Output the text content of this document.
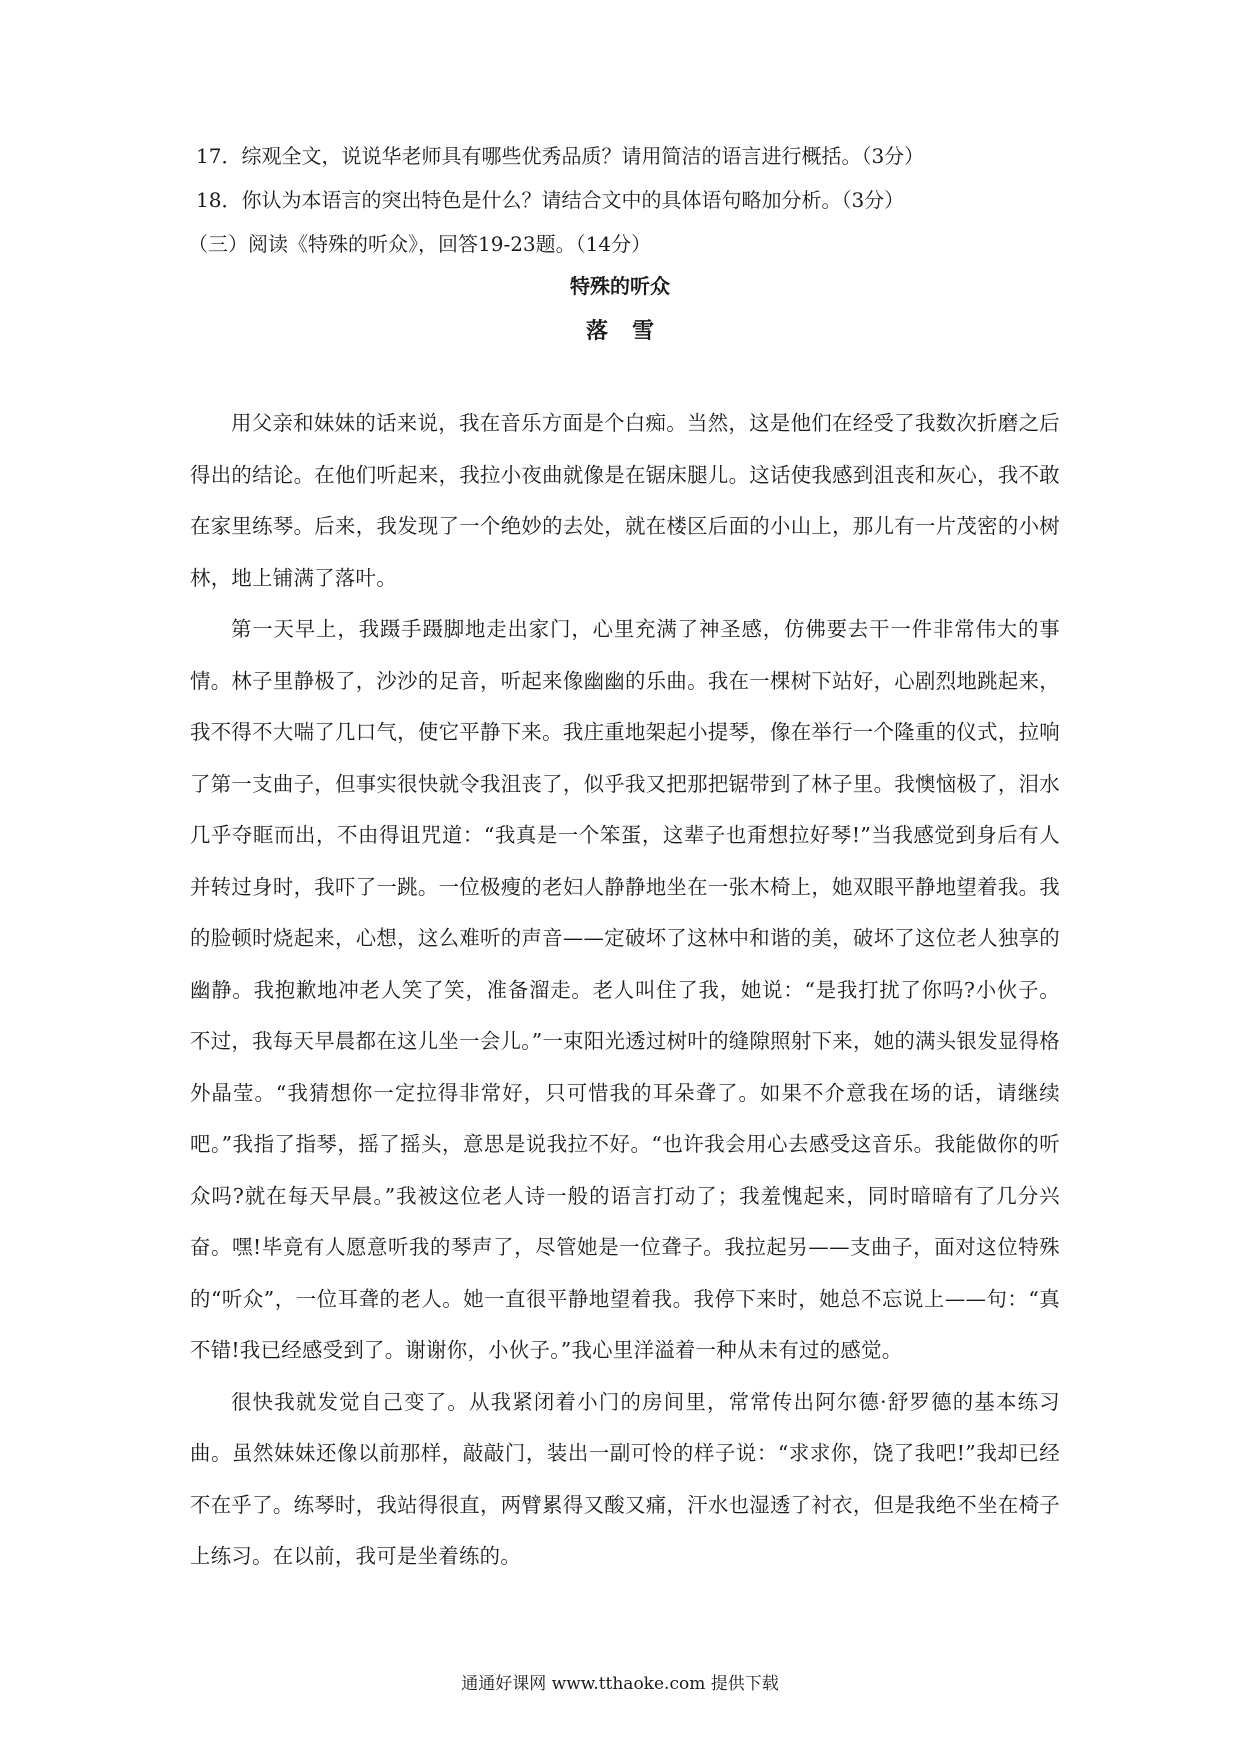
17．综观全文，说说华老师具有哪些优秀品质？请用简洁的语言进行概括。（3分）
18．你认为本语言的突出特色是什么？请结合文中的具体语句略加分析。（3分）
（三）阅读《特殊的听众》，回答19-23题。（14分）
特殊的听众
落雪

用父亲和妹妹的话来说，我在音乐方面是个白痴。当然，这是他们在经受了我数次折磨之后得出的结论。在他们听起来，我拉小夜曲就像是在锯床腿儿。这话使我感到沮丧和灰心，我不敢在家里练琴。后来，我发现了一个绝妙的去处，就在楼区后面的小山上，那儿有一片茂密的小树林，地上铺满了落叶。

第一天早上，我蹑手蹑脚地走出家门，心里充满了神圣感，仿佛要去干一件非常伟大的事情。林子里静极了，沙沙的足音，听起来像幽幽的乐曲。我在一棵树下站好，心剧烈地跳起来，我不得不大喘了几口气，使它平静下来。我庄重地架起小提琴，像在举行一个隆重的仪式，拉响了第一支曲子，但事实很快就令我沮丧了，似乎我又把那把锯带到了林子里。我懊恼极了，泪水几乎夺眶而出，不由得诅咒道：“我真是一个笨蛋，这辈子也甭想拉好琴!”当我感觉到身后有人并转过身时，我吓了一跳。一位极瘦的老妇人静静地坐在一张木椅上，她双眼平静地望着我。我的脸顿时烧起来，心想，这么难听的声音——定破坏了这林中和谐的美，破坏了这位老人独享的幽静。我抱歉地冲老人笑了笑，准备溜走。老人叫住了我，她说：“是我打扰了你吗?小伙子。不过，我每天早晨都在这儿坐一会儿。”一束阳光透过树叶的缝隙照射下来，她的满头银发显得格外晶莹。“我猜想你一定拉得非常好，只可惜我的耳朵聋了。如果不介意我在场的话，请继续吧。”我指了指琴，摇了摇头，意思是说我拉不好。“也许我会用心去感受这音乐。我能做你的听众吗?就在每天早晨。”我被这位老人诗一般的语言打动了；我羞愧起来，同时暗暗有了几分兴奋。嘿!毕竟有人愿意听我的琴声了，尽管她是一位聋子。我拉起另——支曲子，面对这位特殊的“听众”，一位耳聋的老人。她一直很平静地望着我。我停下来时，她总不忘说上——句：“真不错!我已经感受到了。谢谢你，小伙子。”我心里洋溢着一种从未有过的感觉。

很快我就发觉自己变了。从我紧闭着小门的房间里，常常传出阿尔德·舒罗德的基本练习曲。虽然妹妹还像以前那样，敲敲门，装出一副可怜的样子说：“求求你，饶了我吧!”我却已经不在乎了。练琴时，我站得很直，两臂累得又酸又痛，汗水也湿透了衬衣，但是我绝不坐在椅子上练习。在以前，我可是坐着练的。

通通好课网 www.tthaoke.com 提供下载
